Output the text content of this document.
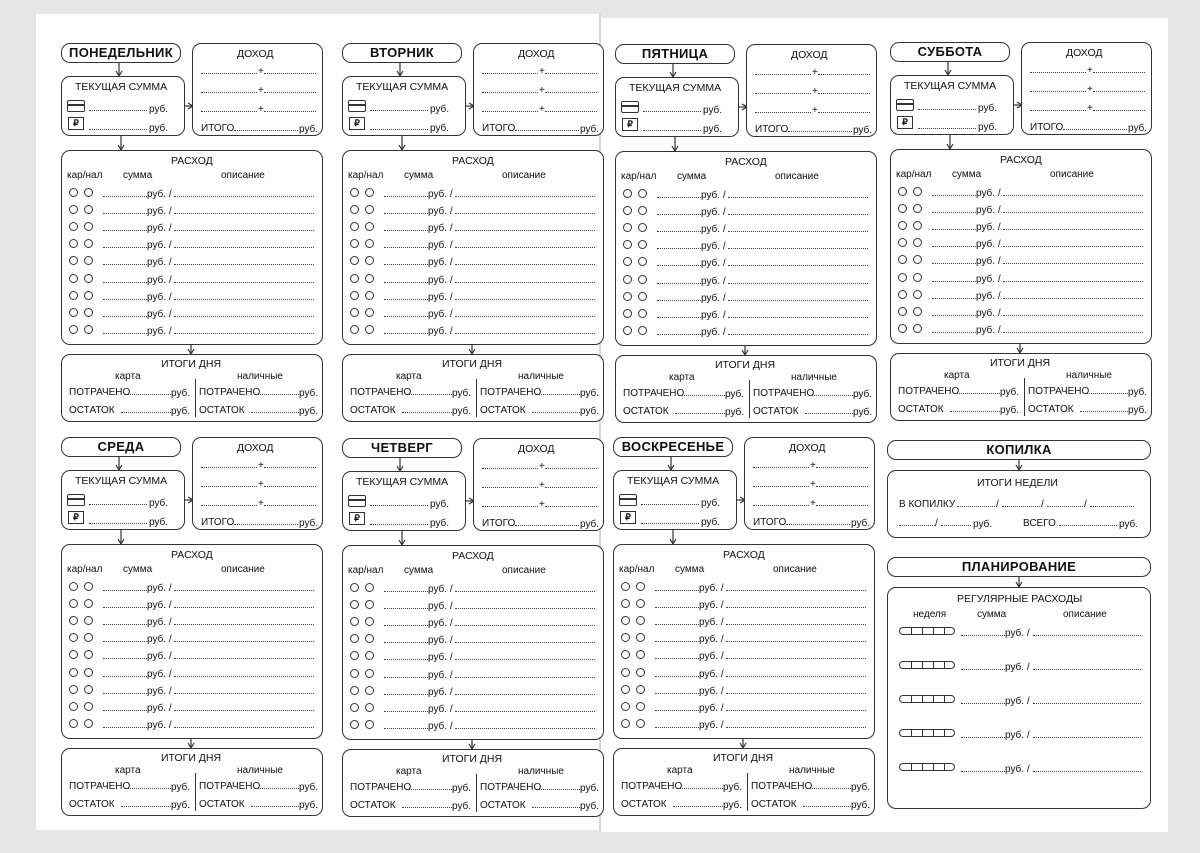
ПОНЕДЕЛЬНИК
ТЕКУЩАЯ СУММА
руб.
₽	руб.
ДОХОД
+
+
+
ИТОГО	руб.
РАСХОД
кар/нал сумма	описание
руб. /
руб. /
руб. /
руб. /
руб. /
руб. /
руб. /
руб. /
руб. /
ИТОГИ ДНЯ
карта	наличные
ПОТРАЧЕНО	руб. ПОТРАЧЕНО	руб.
ОСТАТОК	руб. ОСТАТОК	руб.
ВТОРНИК
ТЕКУЩАЯ СУММА
руб.
₽	руб.
ДОХОД
+
+
+
ИТОГО	руб.
РАСХОД
кар/нал сумма	описание
руб. /
руб. /
руб. /
руб. /
руб. /
руб. /
руб. /
руб. /
руб. /
ИТОГИ ДНЯ
карта	наличные
ПОТРАЧЕНО	руб. ПОТРАЧЕНО	руб.
ОСТАТОК	руб. ОСТАТОК	руб.
ПЯТНИЦА
ТЕКУЩАЯ СУММА
руб.
₽	руб.
ДОХОД
+
+
+
ИТОГО	руб.
РАСХОД
кар/нал сумма	описание
руб. /
руб. /
руб. /
руб. /
руб. /
руб. /
руб. /
руб. /
руб. /
ИТОГИ ДНЯ
карта	наличные
ПОТРАЧЕНО	руб. ПОТРАЧЕНО	руб.
ОСТАТОК	руб. ОСТАТОК	руб.
СУББОТА
ТЕКУЩАЯ СУММА
руб.
₽	руб.
ДОХОД
+
+
+
ИТОГО	руб.
РАСХОД
кар/нал сумма	описание
руб. /
руб. /
руб. /
руб. /
руб. /
руб. /
руб. /
руб. /
руб. /
ИТОГИ ДНЯ
карта	наличные
ПОТРАЧЕНО	руб. ПОТРАЧЕНО	руб.
ОСТАТОК	руб. ОСТАТОК	руб.
СРЕДА
ТЕКУЩАЯ СУММА
руб.
₽	руб.
ДОХОД
+
+
+
ИТОГО	руб.
РАСХОД
кар/нал сумма	описание
руб. /
руб. /
руб. /
руб. /
руб. /
руб. /
руб. /
руб. /
руб. /
ИТОГИ ДНЯ
карта	наличные
ПОТРАЧЕНО	руб. ПОТРАЧЕНО	руб.
ОСТАТОК	руб. ОСТАТОК	руб.
ЧЕТВЕРГ
ТЕКУЩАЯ СУММА
руб.
₽	руб.
ДОХОД
+
+
+
ИТОГО	руб.
РАСХОД
кар/нал сумма	описание
руб. /
руб. /
руб. /
руб. /
руб. /
руб. /
руб. /
руб. /
руб. /
ИТОГИ ДНЯ
карта	наличные
ПОТРАЧЕНО	руб. ПОТРАЧЕНО	руб.
ОСТАТОК	руб. ОСТАТОК	руб.
ВОСКРЕСЕНЬЕ
ТЕКУЩАЯ СУММА
руб.
₽	руб.
ДОХОД
+
+
+
ИТОГО	руб.
РАСХОД
кар/нал сумма	описание
руб. /
руб. /
руб. /
руб. /
руб. /
руб. /
руб. /
руб. /
руб. /
ИТОГИ ДНЯ
карта	наличные
ПОТРАЧЕНО	руб. ПОТРАЧЕНО	руб.
ОСТАТОК	руб. ОСТАТОК	руб.
КОПИЛКА
ИТОГИ НЕДЕЛИ
В КОПИЛКУ	/	/	/
/	руб.	ВСЕГО	руб.
ПЛАНИРОВАНИЕ
РЕГУЛЯРНЫЕ РАСХОДЫ
неделя	сумма	описание
руб. /
руб. /
руб. /
руб. /
руб. /
